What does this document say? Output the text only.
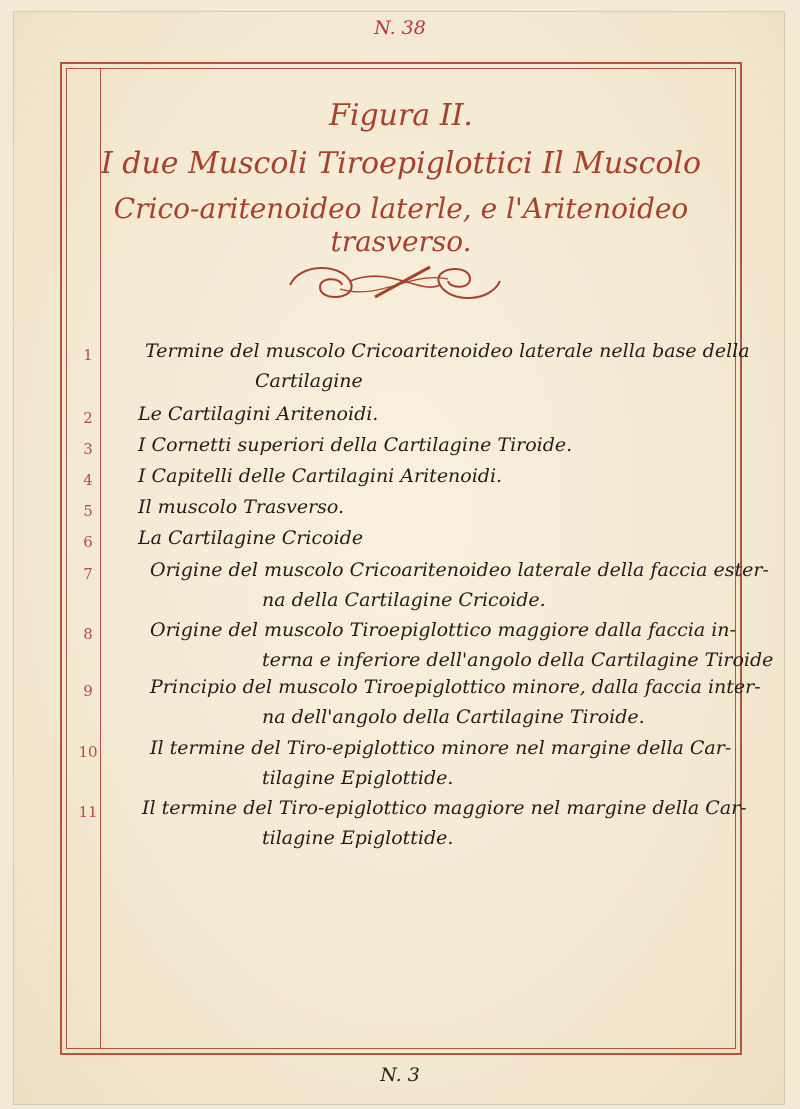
N. 38
Figura II.
I due Muscoli Tiroepiglottici Il Muscolo
Crico-aritenoideo laterle, e l'Aritenoideo trasverso.
1	Termine del muscolo Cricoaritenoideo laterale nella base della
Cartilagine
2	Le Cartilagini Aritenoidi.
3	I Cornetti superiori della Cartilagine Tiroide.
4	I Capitelli delle Cartilagini Aritenoidi.
5	Il muscolo Trasverso.
6	La Cartilagine Cricoide
7	Origine del muscolo Cricoaritenoideo laterale della faccia ester-
na della Cartilagine Cricoide.
8	Origine del muscolo Tiroepiglottico maggiore dalla faccia in-
terna e inferiore dell'angolo della Cartilagine Tiroide
9	Principio del muscolo Tiroepiglottico minore, dalla faccia inter-
na dell'angolo della Cartilagine Tiroide.
10	Il termine del Tiro-epiglottico minore nel margine della Car-
tilagine Epiglottide.
11	Il termine del Tiro-epiglottico maggiore nel margine della Car-
tilagine Epiglottide.
N. 3
